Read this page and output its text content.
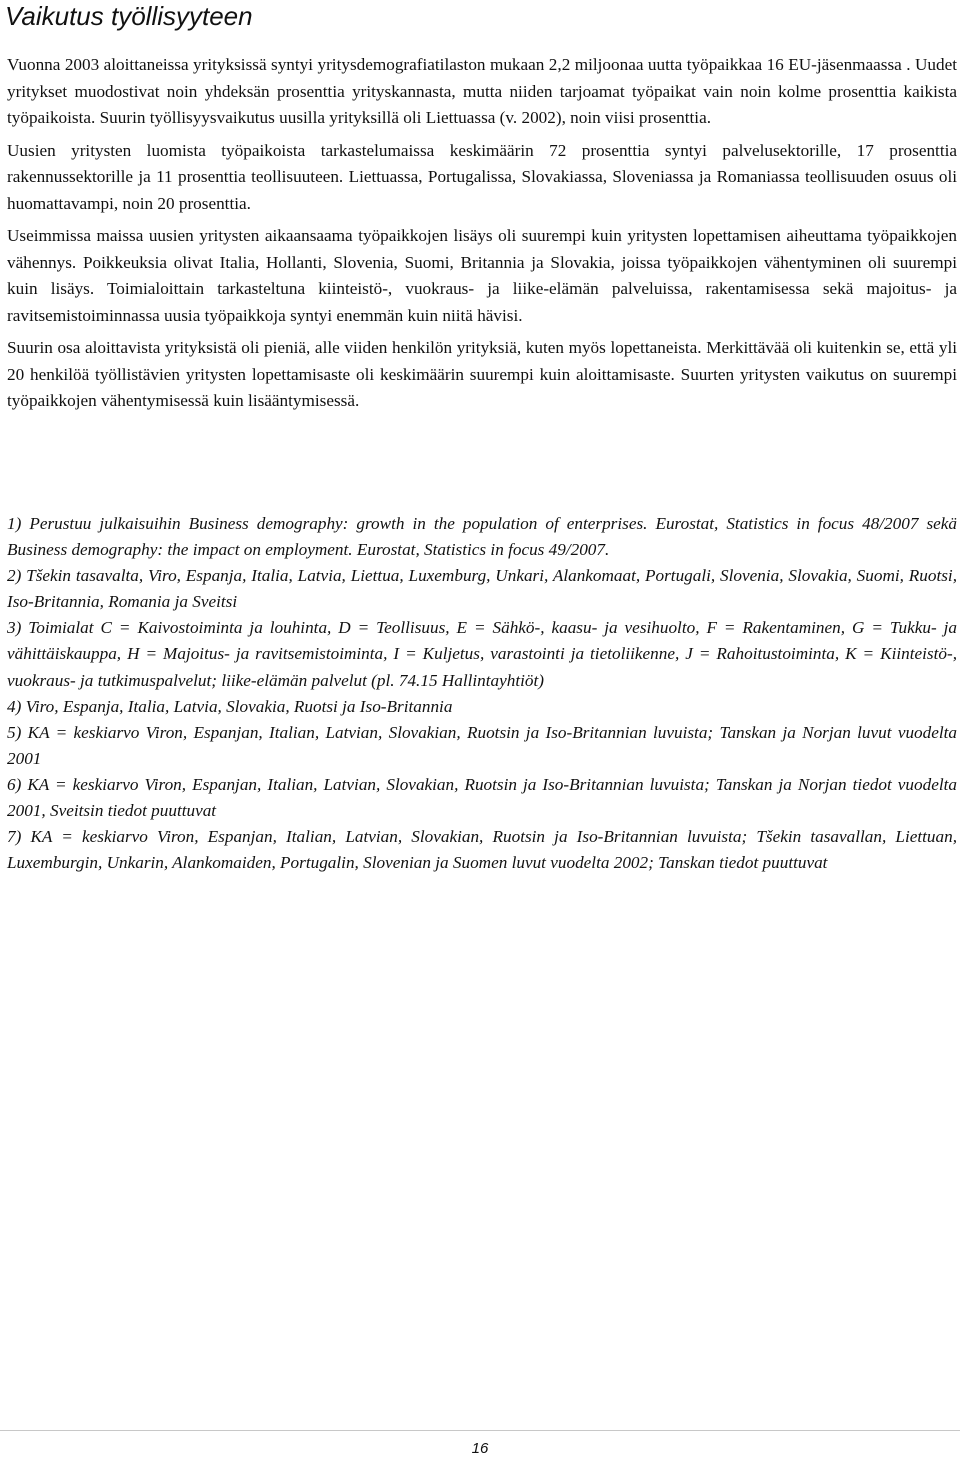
Vaikutus työllisyyteen

Vuonna 2003 aloittaneissa yrityksissä syntyi yritysdemografiatilaston mukaan 2,2 miljoonaa uutta työpaikkaa 16 EU-jäsenmaassa . Uudet yritykset muodostivat noin yhdeksän prosenttia yrityskannasta, mutta niiden tarjoamat työpaikat vain noin kolme prosenttia kaikista työpaikoista. Suurin työllisyysvaikutus uusilla yrityksillä oli Liettuassa (v. 2002), noin viisi prosenttia.

Uusien yritysten luomista työpaikoista tarkastelumaissa keskimäärin 72 prosenttia syntyi palvelusektorille, 17 prosenttia rakennussektorille ja 11 prosenttia teollisuuteen. Liettuassa, Portugalissa, Slovakiassa, Sloveniassa ja Romaniassa teollisuuden osuus oli huomattavampi, noin 20 prosenttia.

Useimmissa maissa uusien yritysten aikaansaama työpaikkojen lisäys oli suurempi kuin yritysten lopettamisen aiheuttama työpaikkojen vähennys. Poikkeuksia olivat Italia, Hollanti, Slovenia, Suomi, Britannia ja Slovakia, joissa työpaikkojen vähentyminen oli suurempi kuin lisäys. Toimialoittain tarkasteltuna kiinteistö-, vuokraus- ja liike-elämän palveluissa, rakentamisessa sekä majoitus- ja ravitsemistoiminnassa uusia työpaikkoja syntyi enemmän kuin niitä hävisi.

Suurin osa aloittavista yrityksistä oli pieniä, alle viiden henkilön yrityksiä, kuten myös lopettaneista. Merkittävää oli kuitenkin se, että yli 20 henkilöä työllistävien yritysten lopettamisaste oli keskimäärin suurempi kuin aloittamisaste. Suurten yritysten vaikutus on suurempi työpaikkojen vähentymisessä kuin lisääntymisessä.

1) Perustuu julkaisuihin Business demography: growth in the population of enterprises. Eurostat, Statistics in focus 48/2007 sekä Business demography: the impact on employment. Eurostat, Statistics in focus 49/2007.

2) Tšekin tasavalta, Viro, Espanja, Italia, Latvia, Liettua, Luxemburg, Unkari, Alankomaat, Portugali, Slovenia, Slovakia, Suomi, Ruotsi, Iso-Britannia, Romania ja Sveitsi

3) Toimialat C = Kaivostoiminta ja louhinta, D = Teollisuus, E = Sähkö-, kaasu- ja vesihuolto, F = Rakentaminen, G = Tukku- ja vähittäiskauppa, H = Majoitus- ja ravitsemistoiminta, I = Kuljetus, varastointi ja tietoliikenne, J = Rahoitustoiminta, K = Kiinteistö-, vuokraus- ja tutkimuspalvelut; liike-elämän palvelut (pl. 74.15 Hallintayhtiöt)

4) Viro, Espanja, Italia, Latvia, Slovakia, Ruotsi ja Iso-Britannia

5) KA = keskiarvo Viron, Espanjan, Italian, Latvian, Slovakian, Ruotsin ja Iso-Britannian luvuista; Tanskan ja Norjan luvut vuodelta 2001

6) KA = keskiarvo Viron, Espanjan, Italian, Latvian, Slovakian, Ruotsin ja Iso-Britannian luvuista; Tanskan ja Norjan tiedot vuodelta 2001, Sveitsin tiedot puuttuvat

7) KA = keskiarvo Viron, Espanjan, Italian, Latvian, Slovakian, Ruotsin ja Iso-Britannian luvuista; Tšekin tasavallan, Liettuan, Luxemburgin, Unkarin, Alankomaiden, Portugalin, Slovenian ja Suomen luvut vuodelta 2002; Tanskan tiedot puuttuvat

16
